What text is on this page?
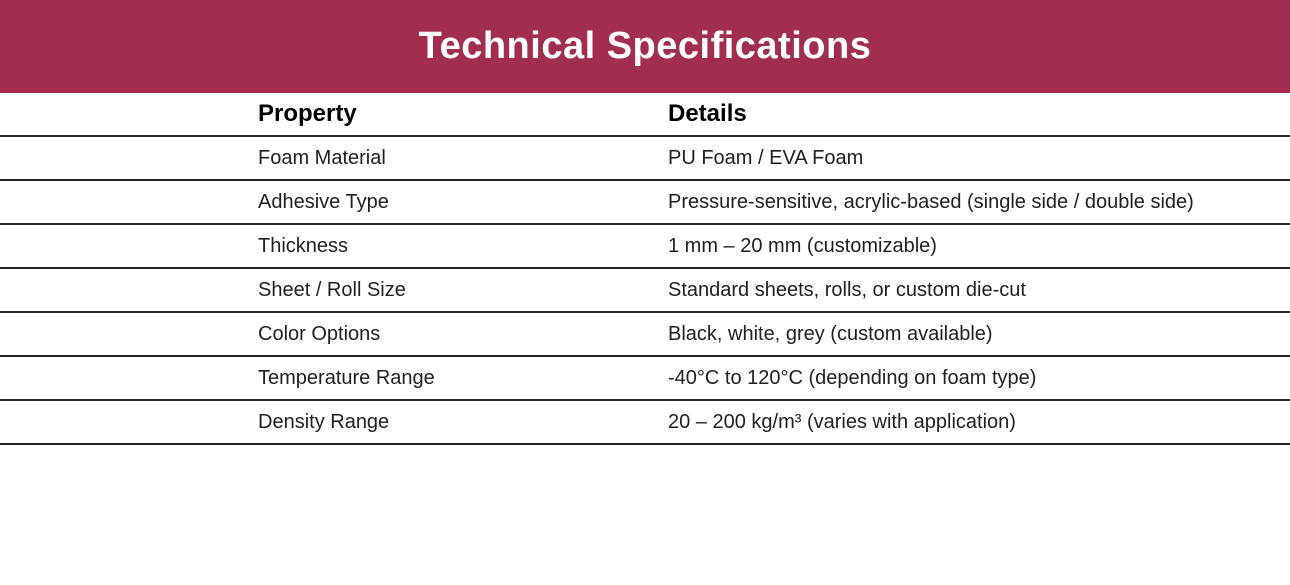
Technical Specifications
Property	Details
Foam Material	PU Foam / EVA Foam
Adhesive Type	Pressure-sensitive, acrylic-based (single side / double side)
Thickness	1 mm – 20 mm (customizable)
Sheet / Roll Size	Standard sheets, rolls, or custom die-cut
Color Options	Black, white, grey (custom available)
Temperature Range	-40°C to 120°C (depending on foam type)
Density Range	20 – 200 kg/m³ (varies with application)
